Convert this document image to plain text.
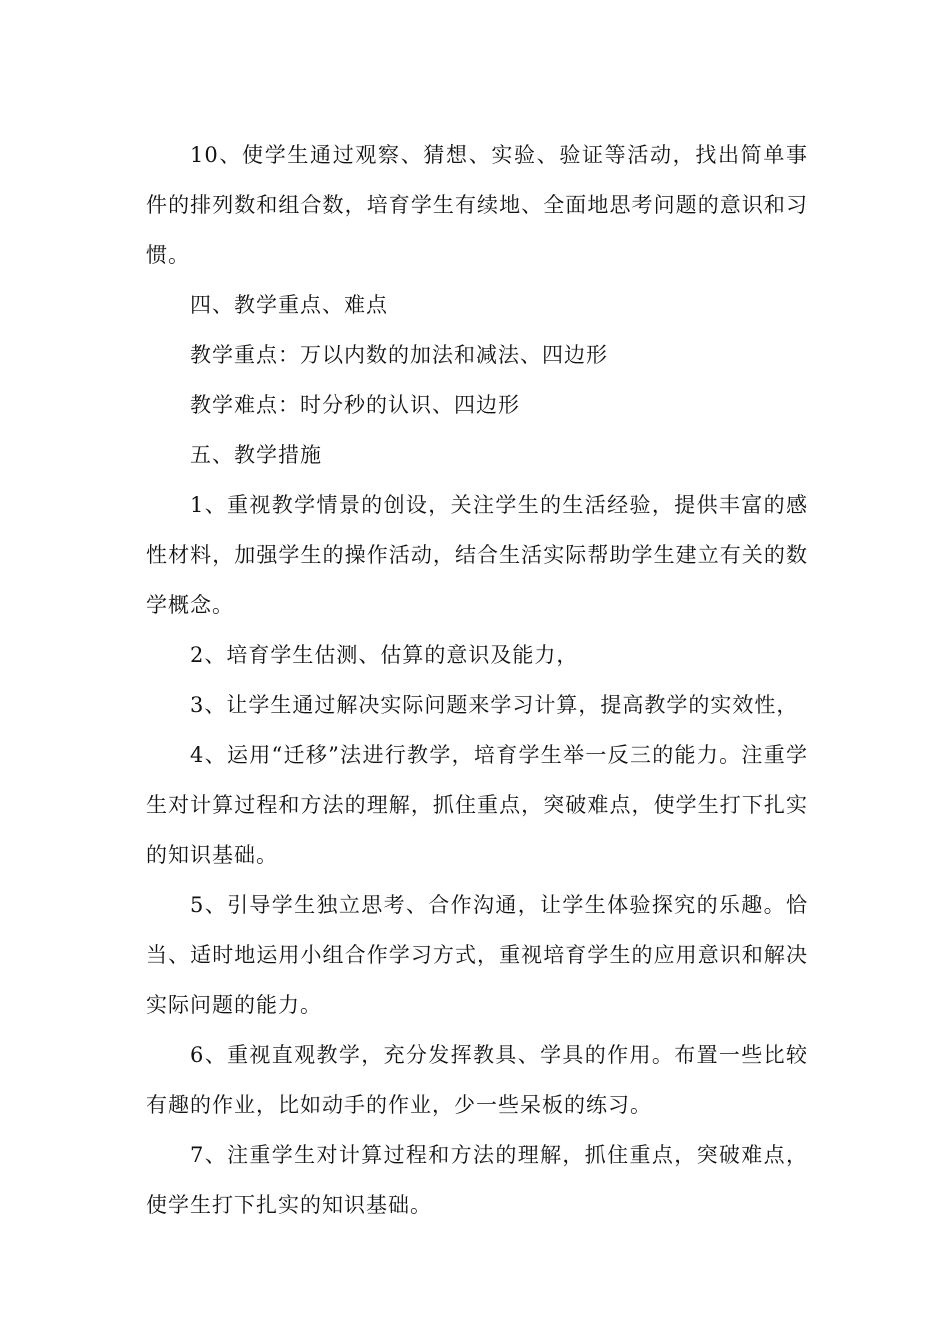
10、使学生通过观察、猜想、实验、验证等活动，找出简单事件的排列数和组合数，培育学生有续地、全面地思考问题的意识和习惯。

四、教学重点、难点

教学重点：万以内数的加法和减法、四边形

教学难点：时分秒的认识、四边形

五、教学措施

1、重视教学情景的创设，关注学生的生活经验，提供丰富的感性材料，加强学生的操作活动，结合生活实际帮助学生建立有关的数学概念。

2、培育学生估测、估算的意识及能力，

3、让学生通过解决实际问题来学习计算，提高教学的实效性，

4、运用“迁移”法进行教学，培育学生举一反三的能力。注重学生对计算过程和方法的理解，抓住重点，突破难点，使学生打下扎实的知识基础。

5、引导学生独立思考、合作沟通，让学生体验探究的乐趣。恰当、适时地运用小组合作学习方式，重视培育学生的应用意识和解决实际问题的能力。

6、重视直观教学，充分发挥教具、学具的作用。布置一些比较有趣的作业，比如动手的作业，少一些呆板的练习。

7、注重学生对计算过程和方法的理解，抓住重点，突破难点，使学生打下扎实的知识基础。
